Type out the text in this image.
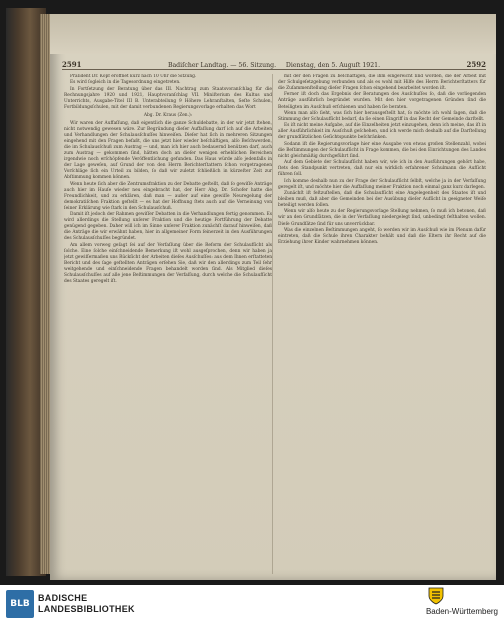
2591	Badiſcher Landtag. — 56. Sitzung. Dienstag, den 5. Auguſt 1921.	2592

Präſident Dr. Kopf eröffnet kurz nach 10 Uhr die Sitzung.

Es wird ſogleich in die Tagesordnung eingetreten.

In Fortſetzung der Beratung über das III. Nachtrag zum Staatsvoranſchlag für die Rechnungsjahre 1920 und 1921, Hauptvoranſchlag VII. Miniſterium des Kultus und Unterrichts, Ausgabe-Titel III B. Unterabteilung 9 Höhere Lehranſtalten, Seſte Schulen, Fortbildungsſchulen, mit der damit verbundenen Regierungsvorlage erhalten das Wort

Abg. Dr. Kraus (Zen.):

Wir waren der Auffaſſung, daß eigentlich die ganze Schuldebatte, in der wir jetzt ſtehen, nicht notwendig gewesen wäre. Zur Begründung dieſer Auffaſſung darf ich auf die Arbeiten und Verhandlungen der Schulausſchuſſes hinweiſen. Dieſer hat ſich in mehreren Sitzungen eingehend mit den Fragen befaßt, die uns jetzt hier wieder beſchäftigen, alſo Beſchwerden, die im Schulausſchuß zum Austrag — und, man ich hier auch bedauernd benützen darf, auch zum Austrag — gekommen ſind, hätten doch an dieſer wenigen erheblichen Bereichen irgendwie noch erſchöpfende Veröffentlichung gefunden. Das Haus würde alſo jedenfalls in der Lage geweſen, auf Grund der von den Herrn Berichterſtattern ſchon vorgetragenen Vorſchläge ſich ein Urteil zu bilden, ſo daß wir zuletzt ſchließlich in kürzeſter Zeit zur Abſtimmung kommen können.

Wenn heute ſich aber die Zentrumsfraktion zu der Debatte geſtellt, daß ſo gewiſſe Anträge auch hier im Hauſe wieder neu eingebracht hat, der Herr Abg. Dr. Schofer hatte die Freundlichkeit, und zu erklären, daß man — außer auf eine gewiſſe Neuregelung der demokratiſchen Fraktion geſtellt — es hat der Hoffnung ſtets auch auf die Verneinung von ſeiner Erklärung wie ſtark in den Schulausſchuß.

Damit iſt jedoch der Rahmen gewiſſer Debatten in die Verhandlungen fertig genommen. Es wird allerdings die Stellung unſerer Fraktion und die heutige Fortführung der Debatte genügend gegeben. Daher will ich im Sinne unſerer Fraktion zunächſt darauf hinweiſen, daß die Anträge die wir erwähnt haben, hier in allgemeiner Form ſeinerzeit in den Ausführungen des Schulausſchuſſes begründet.

Am allem vorweg geſagt ſei auf der Verfaſſung über die Reform der Schulaufſicht als ſolche. Eine ſolche einſchneidende Bemerkung iſt wohl ausgeſprochen, denn wir haben ja jetzt gewiſſermaßen uns Rückſicht der Arbeiten dieſes Ausſchuſſes: aus dem Ihnen erſtatteten Bericht und des ſage geſtellten Anträgen erſehen Sie, daß wir den allerdings zum Teil ſehr weitgehende und einſchneidende Fragen behandelt worden ſind. Als Mitglied dieſes Schulausſchuſſes auf alle jene Beſtimmungen der Verfaſſung, durch welche die Schulaufſicht des Staates geregelt iſt.

mit der den Fragen zu beſchäftigen, die ihm eingereicht ſind worden, die der Arbeit mit der Schulgeſetzgebung verbunden und als es wohl mit Hilfe des Herrn Berichterſtatters für die Zuſammenſtellung dieſer Fragen ſchon eingehend bearbeitet worden iſt.

Ferner iſt doch das Ergebnis der Beratungen des Ausſchuſſes ſo, daß die vorliegenden Anträge ausführlich begründet wurden. Mit den hier vorgetragenen Gründen ſind die Beteiligten im Ausſchuß erſchienen und haben ſie beraten.

Wenn man alſo ſieht, was ſich hier herausgeſtellt hat, ſo möchte ich wohl ſagen, daß die Stimmung der Schulaufſicht bedarf, da ſie einen Eingriff in das Recht der Gemeinde darſtellt.

Es iſt nicht meine Aufgabe, auf die Einzelheiten jetzt einzugehen, denn ich meine, das iſt in aller Ausführlichkeit im Ausſchuß geſchehen, und ich werde mich deshalb auf die Darſtellung der grundſätzlichen Geſichtspunkte beſchränken.

Sodann iſt die Regierungsvorlage hier eine Ausgabe von etwas großen Stellenzahl, wobei die Beſtimmungen der Schulaufſicht in Frage kommen, die bei den Einrichtungen des Landes nicht gleichmäßig durchgeführt ſind.

Auf dem Gebiete der Schulaufſicht haben wir, wie ich in den Ausführungen gehört habe, ſtets den Standpunkt vertreten, daß nur ein wirklich erfahrener Schulmann die Aufſicht führen ſoll.

Ich komme deshalb nun zu der Frage der Schulaufſicht ſelbſt, welche ja in der Verfaſſung geregelt iſt, und möchte hier die Auffaſſung meiner Fraktion noch einmal ganz kurz darlegen.

Zunächſt iſt feſtzuſtellen, daß die Schulaufſicht eine Angelegenheit des Staates iſt und bleiben muß, daß aber die Gemeinden bei der Ausübung dieſer Aufſicht in geeigneter Weiſe beteiligt werden ſollen.

Wenn wir alſo heute zu der Regierungsvorlage Stellung nehmen, ſo muß ich betonen, daß wir an den Grundſätzen, die in der Verfaſſung niedergelegt ſind, unbedingt feſthalten wollen. Dieſe Grundſätze ſind für uns unverrückbar.

Was die einzelnen Beſtimmungen angeht, ſo werden wir im Ausſchuß wie im Plenum dafür eintreten, daß die Schule ihren Charakter behält und daß die Eltern ihr Recht auf die Erziehung ihrer Kinder wahrnehmen können.

BLB
BADISCHE
LANDESBIBLIOTHEK	Baden-Württemberg
